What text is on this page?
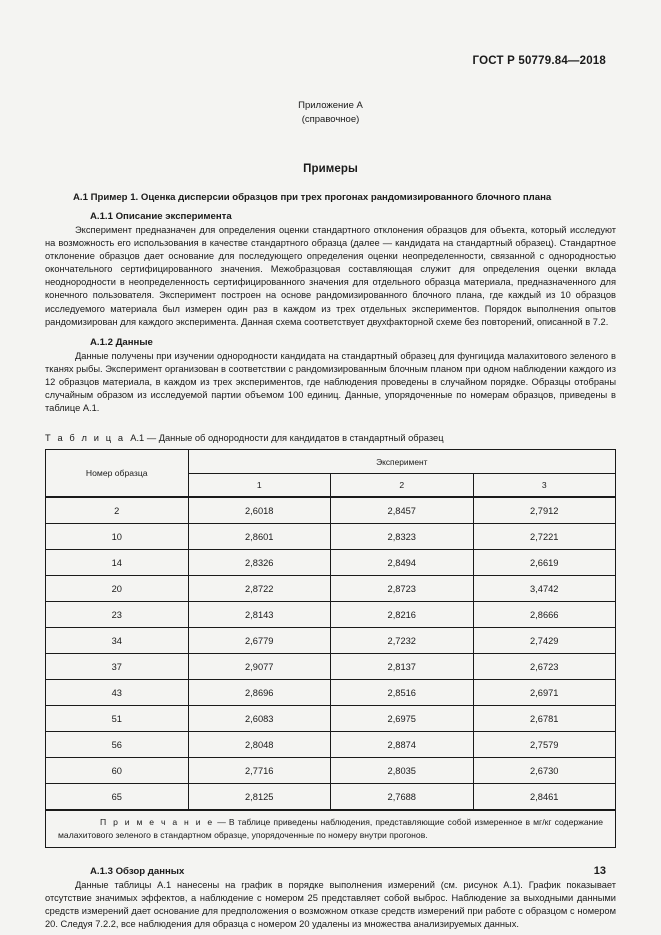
ГОСТ Р 50779.84—2018
Приложение А
(справочное)
Примеры
А.1 Пример 1. Оценка дисперсии образцов при трех прогонах рандомизированного блочного плана
А.1.1 Описание эксперимента

Эксперимент предназначен для определения оценки стандартного отклонения образцов для объекта, который исследуют на возможность его использования в качестве стандартного образца (далее — кандидата на стандартный образец). Стандартное отклонение образцов дает основание для последующего определения оценки неопределенности, связанной с однородностью окончательного сертифицированного значения. Межобразцовая составляющая служит для определения оценки вклада неоднородности в неопределенность сертифицированного значения для отдельного образца материала, предназначенного для конечного пользователя. Эксперимент построен на основе рандомизированного блочного плана, где каждый из 10 образцов исследуемого материала был измерен один раз в каждом из трех отдельных экспериментов. Порядок выполнения опытов рандомизирован для каждого эксперимента. Данная схема соответствует двухфакторной схеме без повторений, описанной в 7.2.

А.1.2 Данные

Данные получены при изучении однородности кандидата на стандартный образец для фунгицида малахитового зеленого в тканях рыбы. Эксперимент организован в соответствии с рандомизированным блочным планом при одном наблюдении каждого из 12 образцов материала, в каждом из трех экспериментов, где наблюдения проведены в случайном порядке. Образцы отобраны случайным образом из исследуемой партии объемом 100 единиц. Данные, упорядоченные по номерам образцов, приведены в таблице А.1.

Т а б л и ц а А.1 — Данные об однородности для кандидатов в стандартный образец
Номер образца	Эксперимент		
	1	2	3
2	2,6018	2,8457	2,7912
10	2,8601	2,8323	2,7221
14	2,8326	2,8494	2,6619
20	2,8722	2,8723	3,4742
23	2,8143	2,8216	2,8666
34	2,6779	2,7232	2,7429
37	2,9077	2,8137	2,6723
43	2,8696	2,8516	2,6971
51	2,6083	2,6975	2,6781
56	2,8048	2,8874	2,7579
60	2,7716	2,8035	2,6730
65	2,8125	2,7688	2,8461
П р и м е ч а н и е — В таблице приведены наблюдения, представляющие собой измеренное в мг/кг содержание малахитового зеленого в стандартном образце, упорядоченные по номеру внутри прогонов.			
А.1.3 Обзор данных

Данные таблицы А.1 нанесены на график в порядке выполнения измерений (см. рисунок А.1). График показывает отсутствие значимых эффектов, а наблюдение с номером 25 представляет собой выброс. Наблюдение за выходными данными средств измерений дает основание для предположения о возможном отказе средств измерений при работе с образцом с номером 20. Следуя 7.2.2, все наблюдения для образца с номером 20 удалены из множества анализируемых данных.

13
